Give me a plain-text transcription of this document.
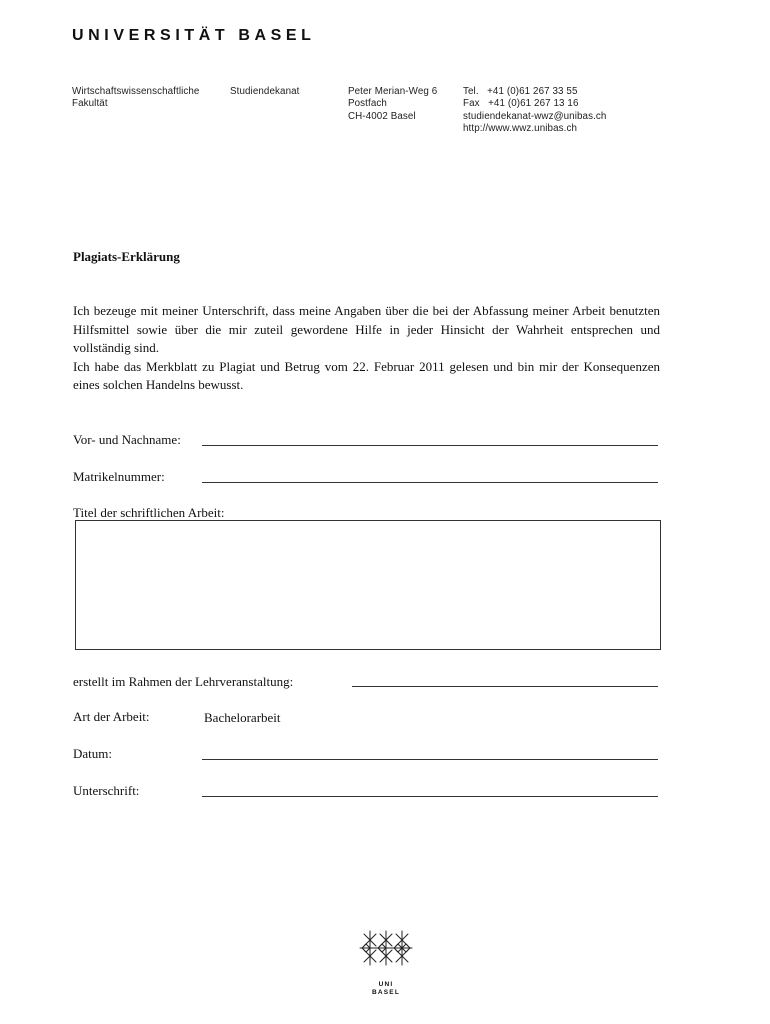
UNIVERSITÄT BASEL
Wirtschaftswissenschaftliche
Fakultät
Studiendekanat	Peter Merian-Weg 6
Postfach
CH-4002 Basel
Tel.   +41 (0)61 267 33 55
Fax   +41 (0)61 267 13 16
studiendekanat-wwz@unibas.ch
http://www.wwz.unibas.ch
Plagiats-Erklärung

Ich bezeuge mit meiner Unterschrift, dass meine Angaben über die bei der Abfassung meiner Arbeit benutzten Hilfsmittel sowie über die mir zuteil gewordene Hilfe in jeder Hinsicht der Wahrheit entsprechen und vollständig sind.

Ich habe das Merkblatt zu Plagiat und Betrug vom 22. Februar 2011 gelesen und bin mir der Konsequenzen eines solchen Handelns bewusst.

Vor- und Nachname:
Matrikelnummer:
Titel der schriftlichen Arbeit:
erstellt im Rahmen der Lehrveranstaltung:
Art der Arbeit:	Bachelorarbeit
Datum:
Unterschrift:
UNI
BASEL
